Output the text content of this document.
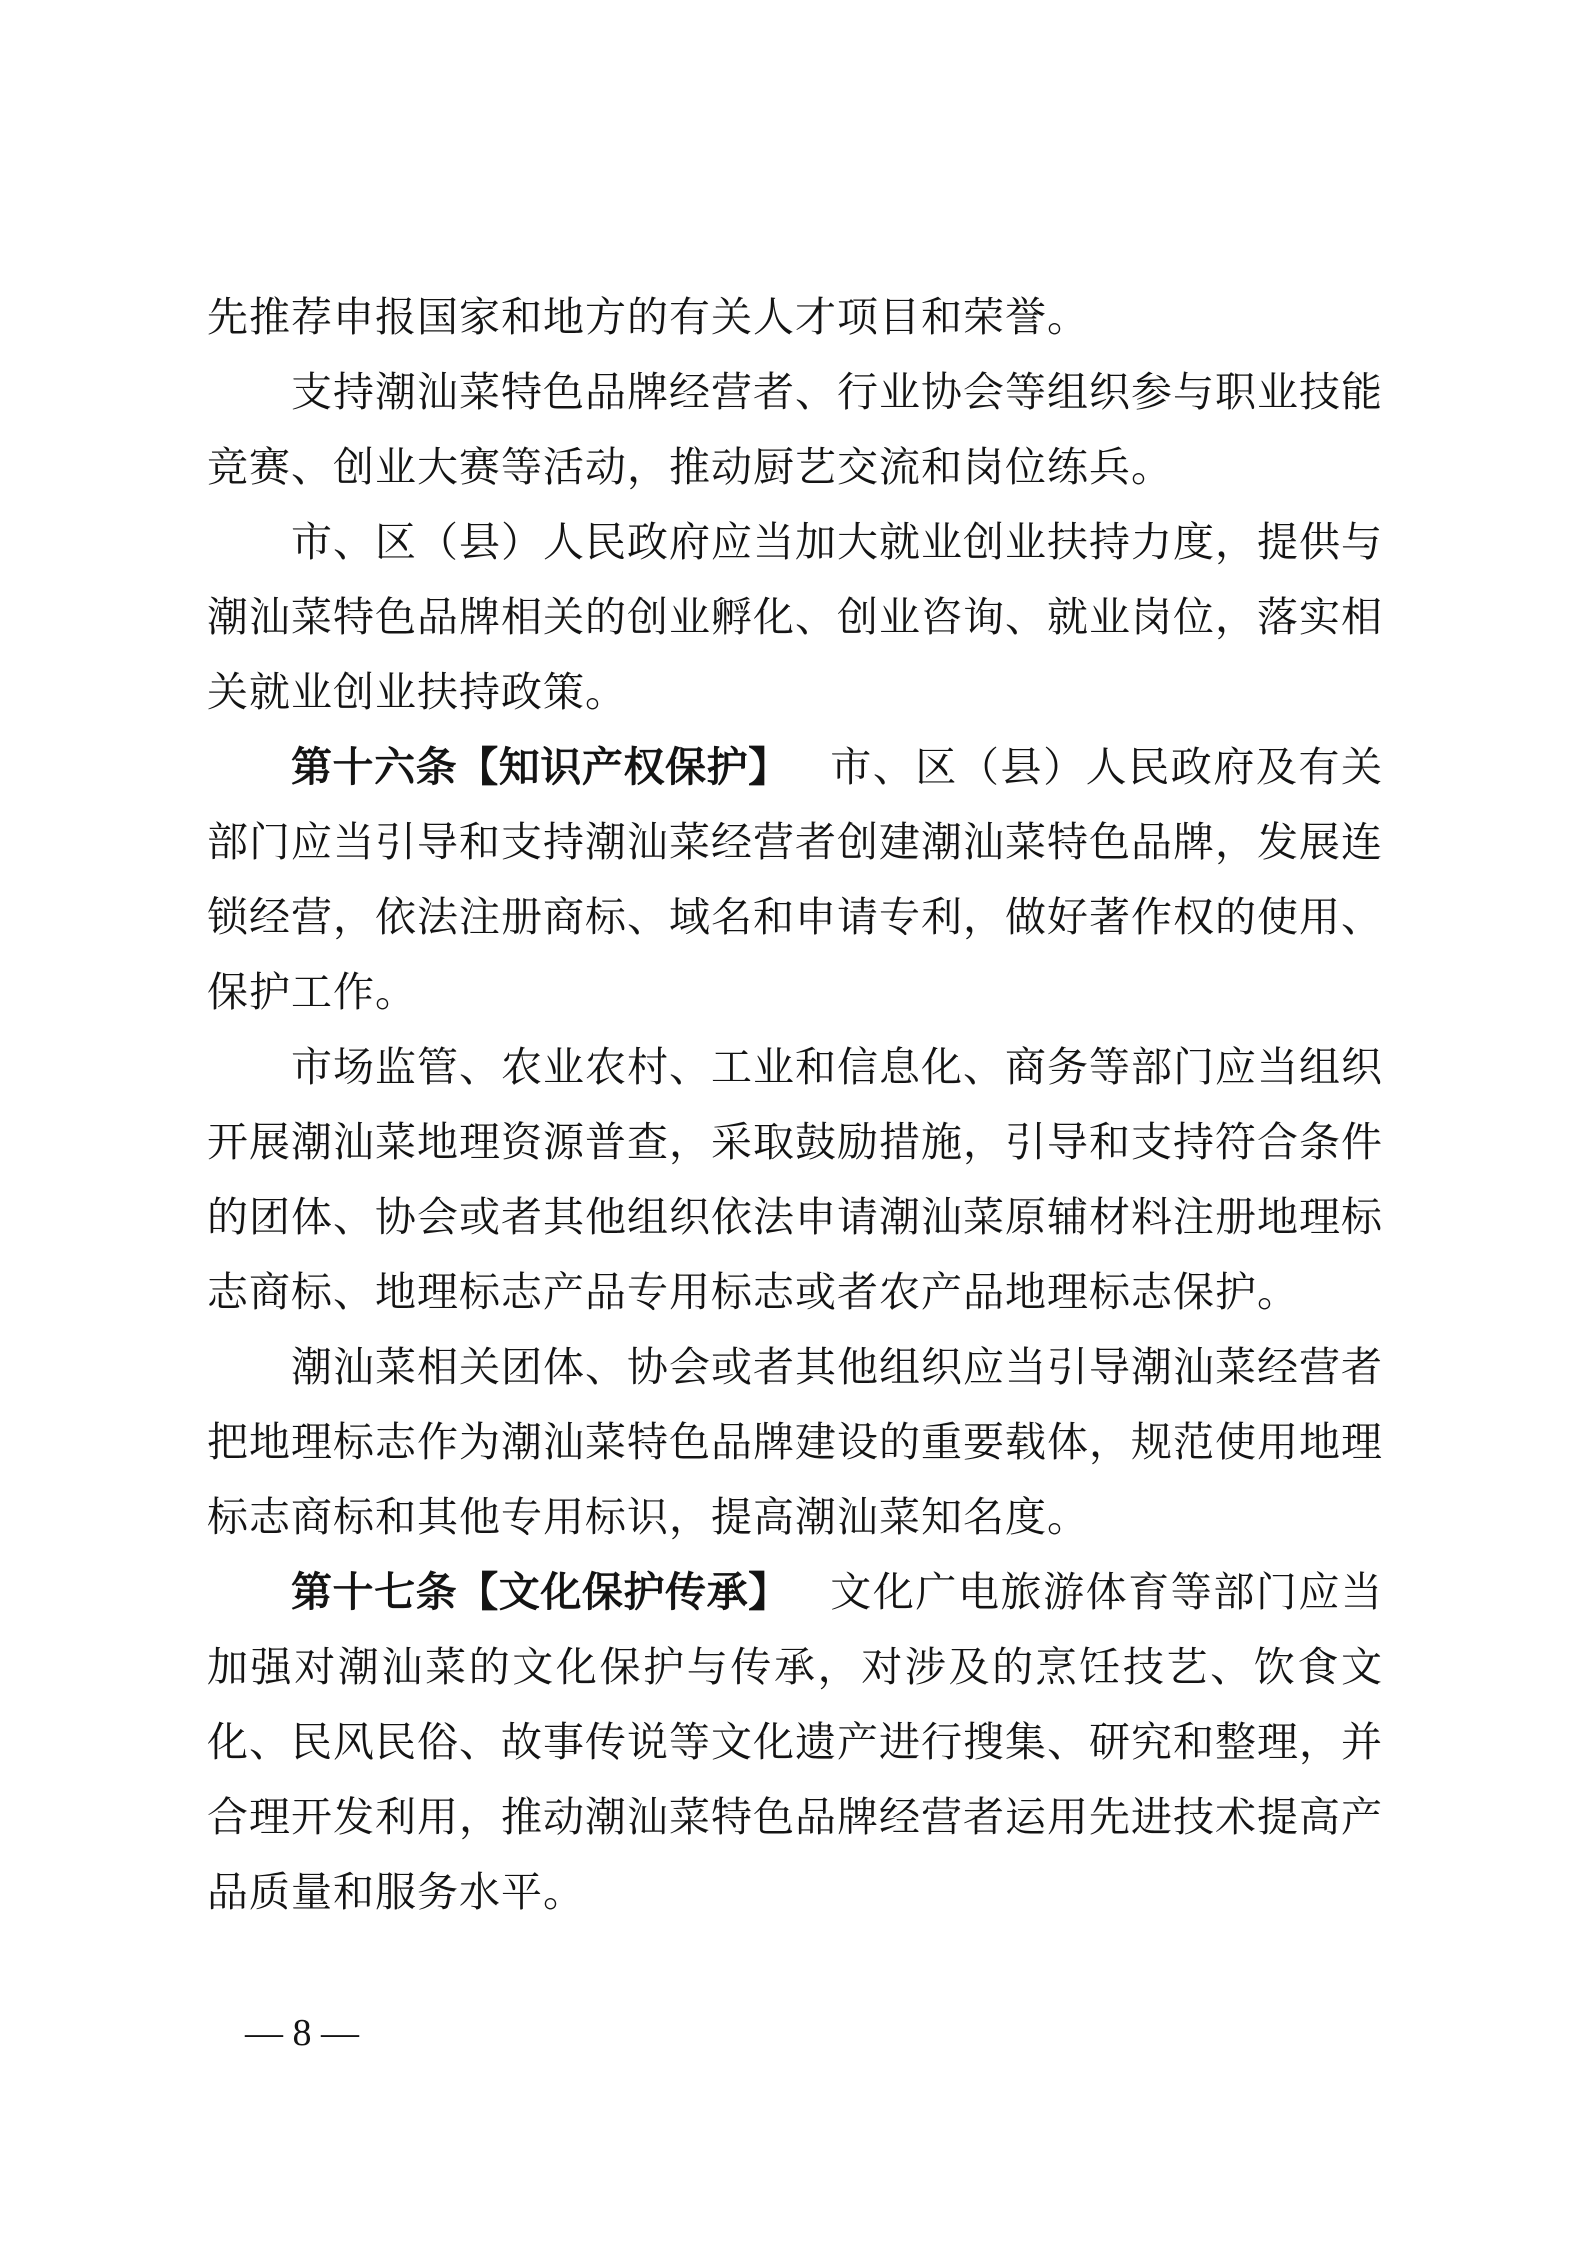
先推荐申报国家和地方的有关人才项目和荣誉。

支持潮汕菜特色品牌经营者、行业协会等组织参与职业技能竞赛、创业大赛等活动，推动厨艺交流和岗位练兵。

市、区（县）人民政府应当加大就业创业扶持力度，提供与潮汕菜特色品牌相关的创业孵化、创业咨询、就业岗位，落实相关就业创业扶持政策。

第十六条【知识产权保护】 市、区（县）人民政府及有关部门应当引导和支持潮汕菜经营者创建潮汕菜特色品牌，发展连锁经营，依法注册商标、域名和申请专利，做好著作权的使用、保护工作。

市场监管、农业农村、工业和信息化、商务等部门应当组织开展潮汕菜地理资源普查，采取鼓励措施，引导和支持符合条件的团体、协会或者其他组织依法申请潮汕菜原辅材料注册地理标志商标、地理标志产品专用标志或者农产品地理标志保护。

潮汕菜相关团体、协会或者其他组织应当引导潮汕菜经营者把地理标志作为潮汕菜特色品牌建设的重要载体，规范使用地理标志商标和其他专用标识，提高潮汕菜知名度。

第十七条【文化保护传承】 文化广电旅游体育等部门应当加强对潮汕菜的文化保护与传承，对涉及的烹饪技艺、饮食文化、民风民俗、故事传说等文化遗产进行搜集、研究和整理，并合理开发利用，推动潮汕菜特色品牌经营者运用先进技术提高产品质量和服务水平。

— 8 —
